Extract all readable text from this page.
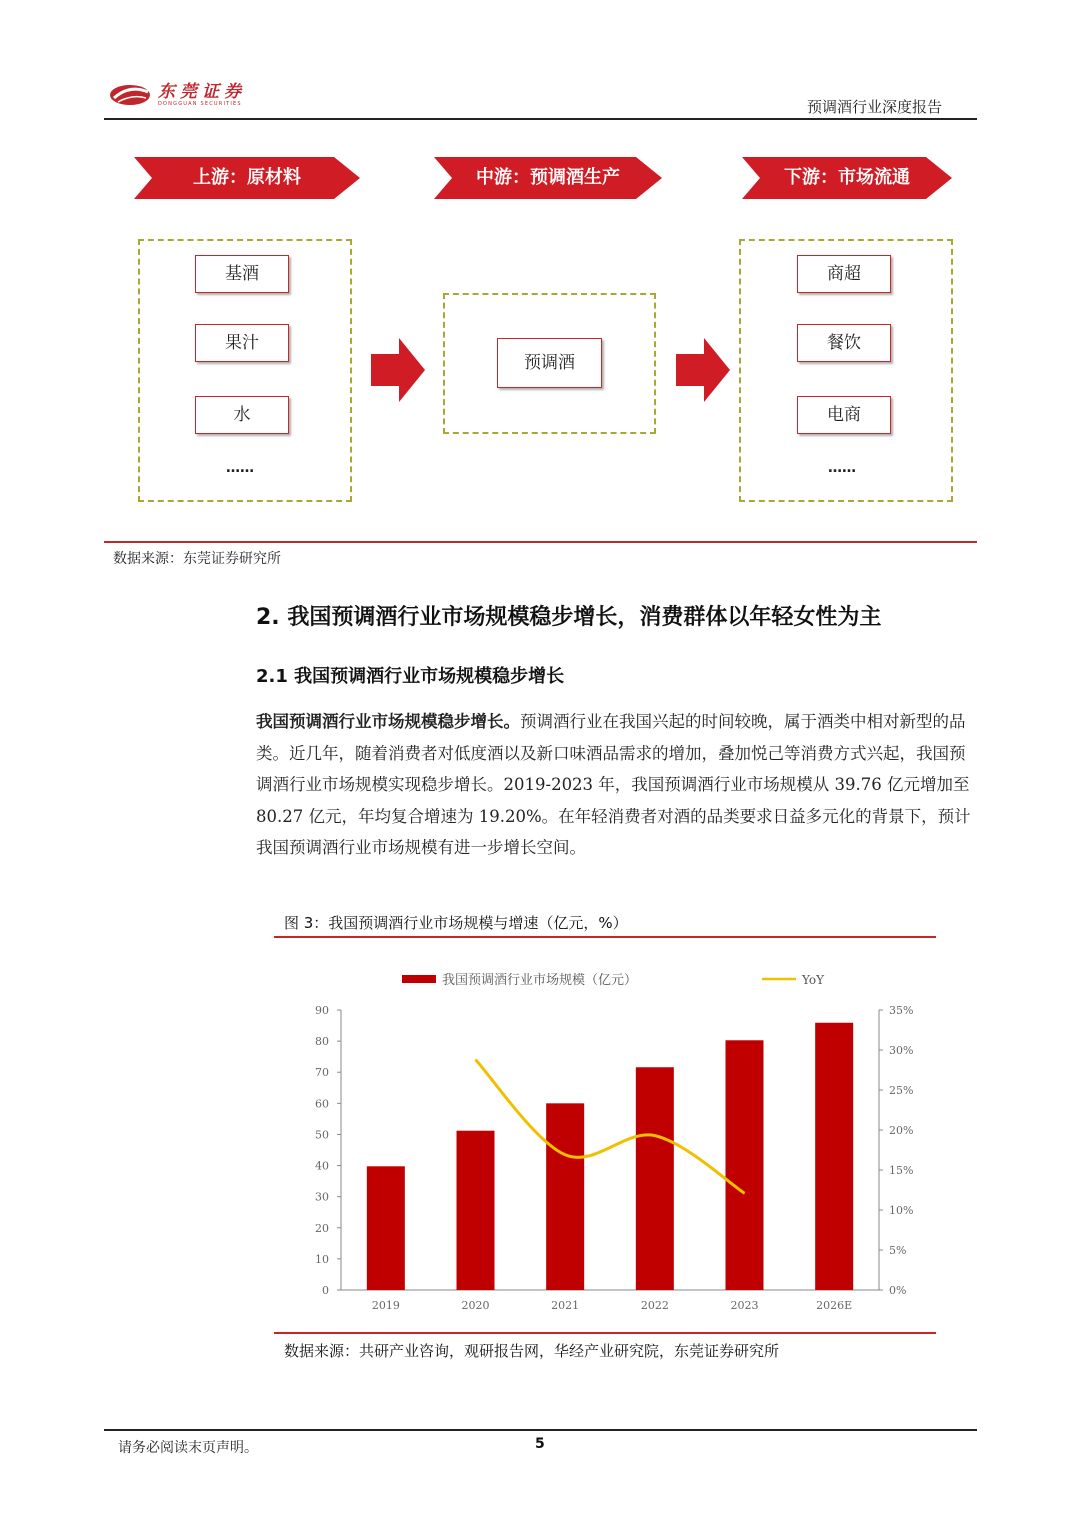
东莞证券
DONGGUAN SECURITIES	预调酒行业深度报告
上游：原材料	中游：预调酒生产	下游：市场流通
基酒
果汁
水
……
预调酒
商超
餐饮
电商
……
数据来源：东莞证券研究所
2. 我国预调酒行业市场规模稳步增长，消费群体以年轻女性为主
2.1 我国预调酒行业市场规模稳步增长
我国预调酒行业市场规模稳步增长。预调酒行业在我国兴起的时间较晚，属于酒类中相对新型的品类。近几年，随着消费者对低度酒以及新口味酒品需求的增加，叠加悦己等消费方式兴起，我国预调酒行业市场规模实现稳步增长。2019-2023 年，我国预调酒行业市场规模从 39.76 亿元增加至 80.27 亿元，年均复合增速为 19.20%。在年轻消费者对酒的品类要求日益多元化的背景下，预计我国预调酒行业市场规模有进一步增长空间。
图 3：我国预调酒行业市场规模与增速（亿元，%）
我国预调酒行业市场规模（亿元）	YoY
0
10
20
30
40
50
60
70
80
90
0%
5%
10%
15%
20%
25%
30%
35%
2019	2020	2021	2022	2023	2026E
数据来源：共研产业咨询，观研报告网，华经产业研究院，东莞证券研究所
请务必阅读末页声明。	5
